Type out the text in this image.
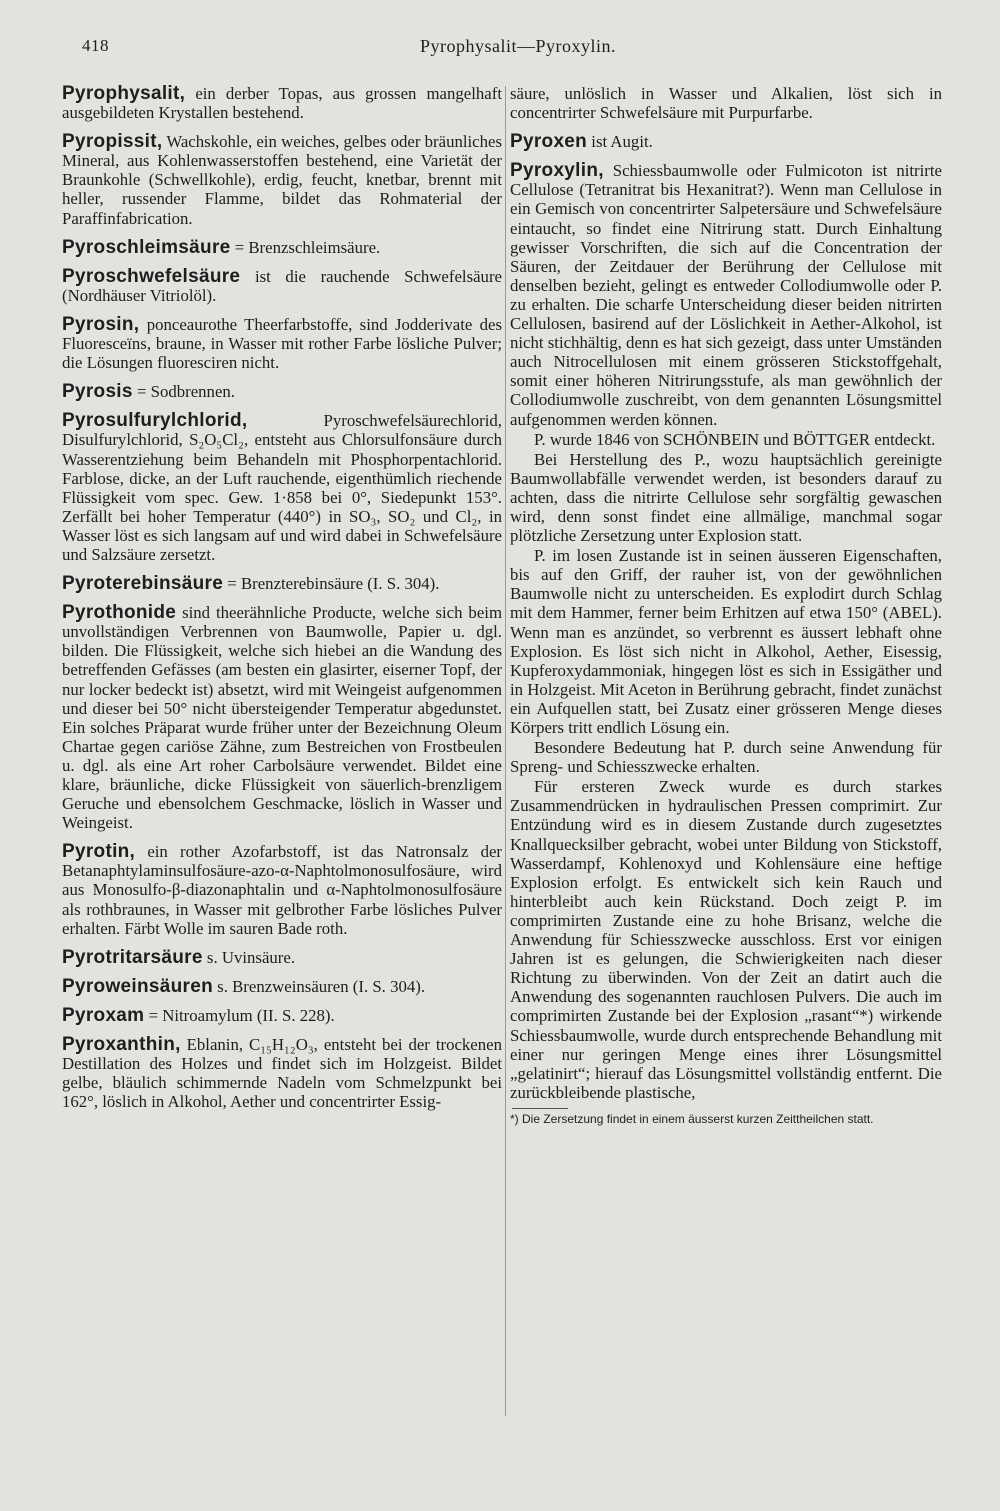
418	Pyrophysalit—Pyroxylin.

Pyrophysalit, ein derber Topas, aus grossen mangelhaft ausgebildeten Krystallen bestehend.

Pyropissit, Wachskohle, ein weiches, gelbes oder bräunliches Mineral, aus Kohlenwasserstoffen bestehend, eine Varietät der Braunkohle (Schwellkohle), erdig, feucht, knetbar, brennt mit heller, russender Flamme, bildet das Rohmaterial der Paraffinfabrication.

Pyroschleimsäure = Brenzschleimsäure.

Pyroschwefelsäure ist die rauchende Schwefelsäure (Nordhäuser Vitriolöl).

Pyrosin, ponceaurothe Theerfarbstoffe, sind Jodderivate des Fluoresceïns, braune, in Wasser mit rother Farbe lösliche Pulver; die Lösungen fluoresciren nicht.

Pyrosis = Sodbrennen.

Pyrosulfurylchlorid, Pyroschwefelsäurechlorid, Disulfurylchlorid, S₂O₅Cl₂, entsteht aus Chlorsulfonsäure durch Wasserentziehung beim Behandeln mit Phosphorpentachlorid. Farblose, dicke, an der Luft rauchende, eigenthümlich riechende Flüssigkeit vom spec. Gew. 1·858 bei 0°, Siedepunkt 153°. Zerfällt bei hoher Temperatur (440°) in SO₃, SO₂ und Cl₂, in Wasser löst es sich langsam auf und wird dabei in Schwefelsäure und Salzsäure zersetzt.

Pyroterebinsäure = Brenzterebinsäure (I. S. 304).

Pyrothonide sind theerähnliche Producte, welche sich beim unvollständigen Verbrennen von Baumwolle, Papier u. dgl. bilden. Die Flüssigkeit, welche sich hiebei an die Wandung des betreffenden Gefässes (am besten ein glasirter, eiserner Topf, der nur locker bedeckt ist) absetzt, wird mit Weingeist aufgenommen und dieser bei 50° nicht übersteigender Temperatur abgedunstet. Ein solches Präparat wurde früher unter der Bezeichnung Oleum Chartae gegen cariöse Zähne, zum Bestreichen von Frostbeulen u. dgl. als eine Art roher Carbolsäure verwendet. Bildet eine klare, bräunliche, dicke Flüssigkeit von säuerlich-brenzligem Geruche und ebensolchem Geschmacke, löslich in Wasser und Weingeist.

Pyrotin, ein rother Azofarbstoff, ist das Natronsalz der Betanaphtylaminsulfosäure-azo-α-Naphtolmonosulfosäure, wird aus Monosulfo-β-diazonaphtalin und α-Naphtolmonosulfosäure als rothbraunes, in Wasser mit gelbrother Farbe lösliches Pulver erhalten. Färbt Wolle im sauren Bade roth.

Pyrotritarsäure s. Uvinsäure.

Pyroweinsäuren s. Brenzweinsäuren (I. S. 304).

Pyroxam = Nitroamylum (II. S. 228).

Pyroxanthin, Eblanin, C₁₅H₁₂O₃, entsteht bei der trockenen Destillation des Holzes und findet sich im Holzgeist. Bildet gelbe, bläulich schimmernde Nadeln vom Schmelzpunkt bei 162°, löslich in Alkohol, Aether und concentrirter Essig-

säure, unlöslich in Wasser und Alkalien, löst sich in concentrirter Schwefelsäure mit Purpurfarbe.

Pyroxen ist Augit.

Pyroxylin, Schiessbaumwolle oder Fulmicoton ist nitrirte Cellulose (Tetranitrat bis Hexanitrat?). Wenn man Cellulose in ein Gemisch von concentrirter Salpetersäure und Schwefelsäure eintaucht, so findet eine Nitrirung statt. Durch Einhaltung gewisser Vorschriften, die sich auf die Concentration der Säuren, der Zeitdauer der Berührung der Cellulose mit denselben bezieht, gelingt es entweder Collodiumwolle oder P. zu erhalten. Die scharfe Unterscheidung dieser beiden nitrirten Cellulosen, basirend auf der Löslichkeit in Aether-Alkohol, ist nicht stichhältig, denn es hat sich gezeigt, dass unter Umständen auch Nitrocellulosen mit einem grösseren Stickstoffgehalt, somit einer höheren Nitrirungsstufe, als man gewöhnlich der Collodiumwolle zuschreibt, von dem genannten Lösungsmittel aufgenommen werden können.

P. wurde 1846 von SCHÖNBEIN und BÖTTGER entdeckt.

Bei Herstellung des P., wozu hauptsächlich gereinigte Baumwollabfälle verwendet werden, ist besonders darauf zu achten, dass die nitrirte Cellulose sehr sorgfältig gewaschen wird, denn sonst findet eine allmälige, manchmal sogar plötzliche Zersetzung unter Explosion statt.

P. im losen Zustande ist in seinen äusseren Eigenschaften, bis auf den Griff, der rauher ist, von der gewöhnlichen Baumwolle nicht zu unterscheiden. Es explodirt durch Schlag mit dem Hammer, ferner beim Erhitzen auf etwa 150° (ABEL). Wenn man es anzündet, so verbrennt es äussert lebhaft ohne Explosion. Es löst sich nicht in Alkohol, Aether, Eisessig, Kupferoxydammoniak, hingegen löst es sich in Essigäther und in Holzgeist. Mit Aceton in Berührung gebracht, findet zunächst ein Aufquellen statt, bei Zusatz einer grösseren Menge dieses Körpers tritt endlich Lösung ein.

Besondere Bedeutung hat P. durch seine Anwendung für Spreng- und Schiesszwecke erhalten.

Für ersteren Zweck wurde es durch starkes Zusammendrücken in hydraulischen Pressen comprimirt. Zur Entzündung wird es in diesem Zustande durch zugesetztes Knallquecksilber gebracht, wobei unter Bildung von Stickstoff, Wasserdampf, Kohlenoxyd und Kohlensäure eine heftige Explosion erfolgt. Es entwickelt sich kein Rauch und hinterbleibt auch kein Rückstand. Doch zeigt P. im comprimirten Zustande eine zu hohe Brisanz, welche die Anwendung für Schiesszwecke ausschloss. Erst vor einigen Jahren ist es gelungen, die Schwierigkeiten nach dieser Richtung zu überwinden. Von der Zeit an datirt auch die Anwendung des sogenannten rauchlosen Pulvers. Die auch im comprimirten Zustande bei der Explosion „rasant“*) wirkende Schiessbaumwolle, wurde durch entsprechende Behandlung mit einer nur geringen Menge eines ihrer Lösungsmittel „gelatinirt“; hierauf das Lösungsmittel vollständig entfernt. Die zurückbleibende plastische,

*) Die Zersetzung findet in einem äusserst kurzen Zeittheilchen statt.
